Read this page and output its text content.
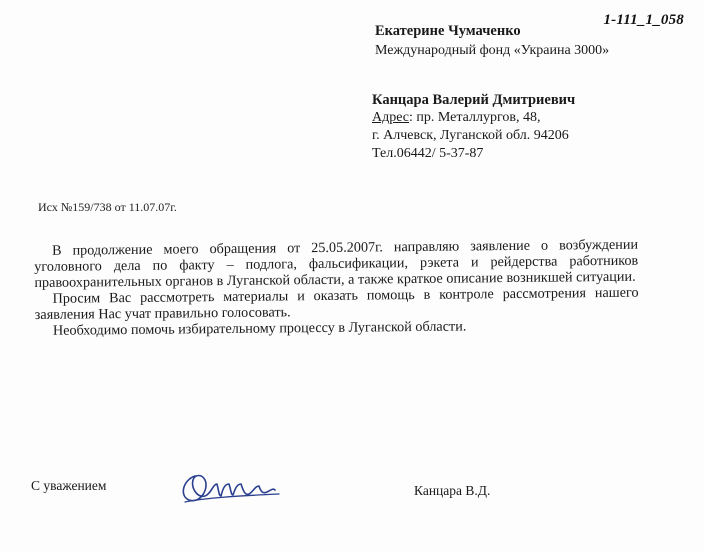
1-111_1_058
Екатерине Чумаченко
Международный фонд «Украина 3000»
Канцара Валерий Дмитриевич
Адрес: пр. Металлургов, 48,
г. Алчевск, Луганской обл. 94206
Тел.06442/ 5-37-87
Исх №159/738 от 11.07.07г.

В продолжение моего обращения от 25.05.2007г. направляю заявление о возбуждении уголовного дела по факту – подлога, фальсификации, рэкета и рейдерства работников правоохранительных органов в Луганской области, а также краткое описание возникшей ситуации.

Просим Вас рассмотреть материалы и оказать помощь в контроле рассмотрения нашего заявления Нас учат правильно голосовать.

Необходимо помочь избирательному процессу в Луганской области.

С уважением	Канцара В.Д.
